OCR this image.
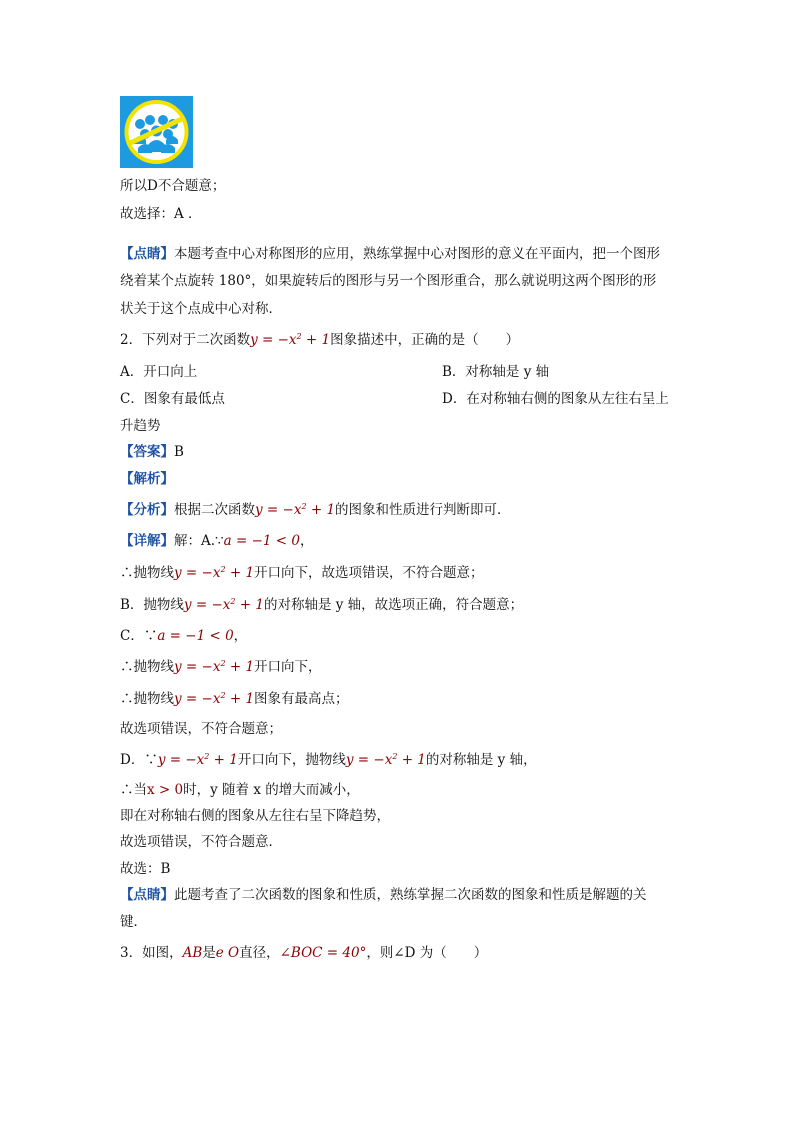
所以D不合题意；
故选择：A ．
【点睛】本题考查中心对称图形的应用，熟练掌握中心对图形的意义在平面内，把一个图形
绕着某个点旋转 180°，如果旋转后的图形与另一个图形重合，那么就说明这两个图形的形
状关于这个点成中心对称．
2．下列对于二次函数$y = -x^2 + 1$图象描述中，正确的是（　　）
A．开口向上	B．对称轴是 y 轴
C．图象有最低点	D．在对称轴右侧的图象从左往右呈上
升趋势
【答案】B
【解析】
【分析】根据二次函数$y = -x^2 + 1$的图象和性质进行判断即可．
【详解】解：A.∵a = −1 < 0，
∴抛物线$y = -x^2 + 1$开口向下，故选项错误，不符合题意；
B．抛物线$y = -x^2 + 1$的对称轴是 y 轴，故选项正确，符合题意；
C．∵a = −1 < 0，
∴抛物线$y = -x^2 + 1$开口向下，
∴抛物线$y = -x^2 + 1$图象有最高点；
故选项错误，不符合题意；
D．∵y = $-x^2 + 1$开口向下，抛物线$y = -x^2 + 1$的对称轴是 y 轴，
∴当x > 0时，y 随着 x 的增大而减小，
即在对称轴右侧的图象从左往右呈下降趋势，
故选项错误，不符合题意．
故选：B
【点睛】此题考查了二次函数的图象和性质，熟练掌握二次函数的图象和性质是解题的关
键．
3．如图，AB是e O直径，∠BOC = 40°，则∠D 为（　　）
